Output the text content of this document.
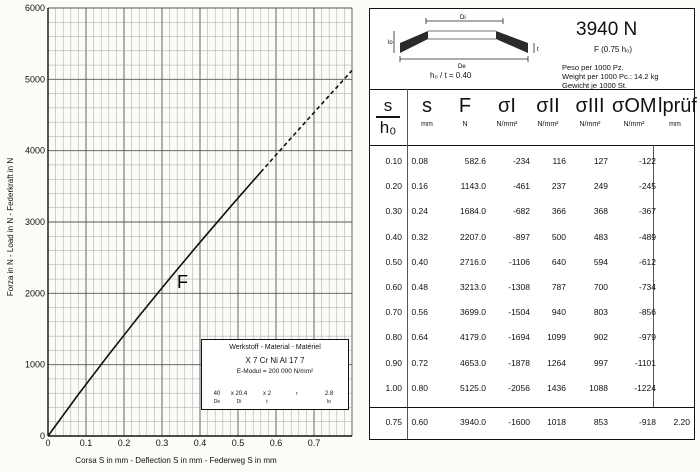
0	0.1	0.2	0.3	0.4	0.5	0.6	0.7
0
1000
2000
3000
4000
5000
6000
F
Forza in N - Load in N - Federkraft in N
Corsa S in mm - Deflection S in mm - Federweg S in mm
Werkstoff - Material - Matériel
X 7 Cr Ni Al 17 7
E-Modul = 200 000 N/mm²
40
De
x 20.4
Di
x 2
t
r	2.8
lo
Di
De
lo
t
h₀ / t = 0.40
3940 N
F (0.75 h₀)
Peso per 1000 Pz.
Weight per 1000 Pc.: 14.2 kg
Gewicht je 1000 St.
s
h₀
s
mm
F
N
σI
N/mm²
σII
N/mm²
σIII
N/mm²
σOM
N/mm²
lprüf
mm
0.10	0.08	582.6	-234	116	127	-122
0.20	0.16	1143.0	-461	237	249	-245
0.30	0.24	1684.0	-682	366	368	-367
0.40	0.32	2207.0	-897	500	483	-489
0.50	0.40	2716.0	-1106	640	594	-612
0.60	0.48	3213.0	-1308	787	700	-734
0.70	0.56	3699.0	-1504	940	803	-856
0.80	0.64	4179.0	-1694	1099	902	-979
0.90	0.72	4653.0	-1878	1264	997	-1101
1.00	0.80	5125.0	-2056	1436	1088	-1224
0.75	0.60	3940.0	-1600	1018	853	-918	2.20
